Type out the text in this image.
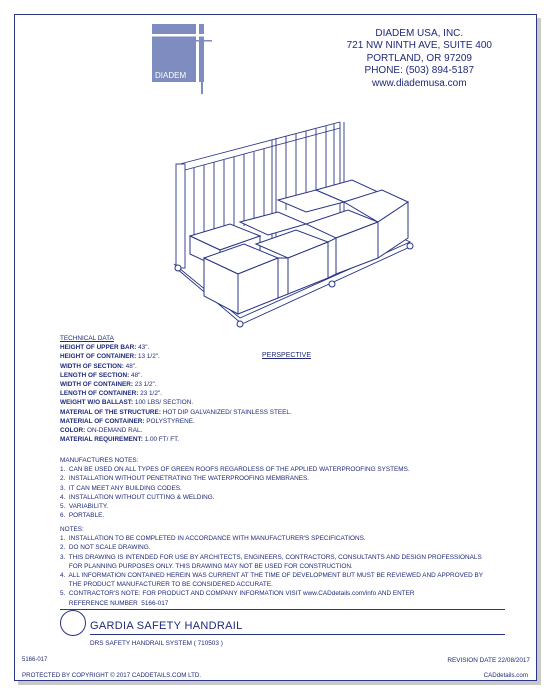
DIADEM
DIADEM USA, INC.
721 NW NINTH AVE, SUITE 400
PORTLAND, OR 97209
PHONE: (503) 894-5187
www.diademusa.com
PERSPECTIVE
TECHNICAL DATA
HEIGHT OF UPPER BAR: 43".
HEIGHT OF CONTAINER: 13 1/2".
WIDTH OF SECTION: 48".
LENGTH OF SECTION: 48".
WIDTH OF CONTAINER: 23 1/2".
LENGTH OF CONTAINER: 23 1/2".
WEIGHT W/O BALLAST: 100 LBS/ SECTION.
MATERIAL OF THE STRUCTURE: HOT DIP GALVANIZED/ STAINLESS STEEL.
MATERIAL OF CONTAINER: POLYSTYRENE.
COLOR: ON-DEMAND RAL.
MATERIAL REQUIREMENT: 1.00 FT/ FT.
MANUFACTURES NOTES:
1.  CAN BE USED ON ALL TYPES OF GREEN ROOFS REGARDLESS OF THE APPLIED WATERPROOFING SYSTEMS.
2.  INSTALLATION WITHOUT PENETRATING THE WATERPROOFING MEMBRANES.
3.  IT CAN MEET ANY BUILDING CODES.
4.  INSTALLATION WITHOUT CUTTING & WELDING.
5.  VARIABILITY.
6.  PORTABLE.
NOTES:
1.  INSTALLATION TO BE COMPLETED IN ACCORDANCE WITH MANUFACTURER'S SPECIFICATIONS.
2.  DO NOT SCALE DRAWING.
3.  THIS DRAWING IS INTENDED FOR USE BY ARCHITECTS, ENGINEERS, CONTRACTORS, CONSULTANTS AND DESIGN PROFESSIONALS
FOR PLANNING PURPOSES ONLY. THIS DRAWING MAY NOT BE USED FOR CONSTRUCTION.
4.  ALL INFORMATION CONTAINED HEREIN WAS CURRENT AT THE TIME OF DEVELOPMENT BUT MUST BE REVIEWED AND APPROVED BY
THE PRODUCT MANUFACTURER TO BE CONSIDERED ACCURATE.
5.  CONTRACTOR'S NOTE: FOR PRODUCT AND COMPANY INFORMATION VISIT www.CADdetails.com/info AND ENTER
REFERENCE NUMBER  5166-017
GARDIA SAFETY HANDRAIL
DRS SAFETY HANDRAIL SYSTEM ( 710503 )
5166-017	REVISION DATE 22/08/2017
PROTECTED BY COPYRIGHT © 2017 CADDETAILS.COM LTD.	CADdetails.com
